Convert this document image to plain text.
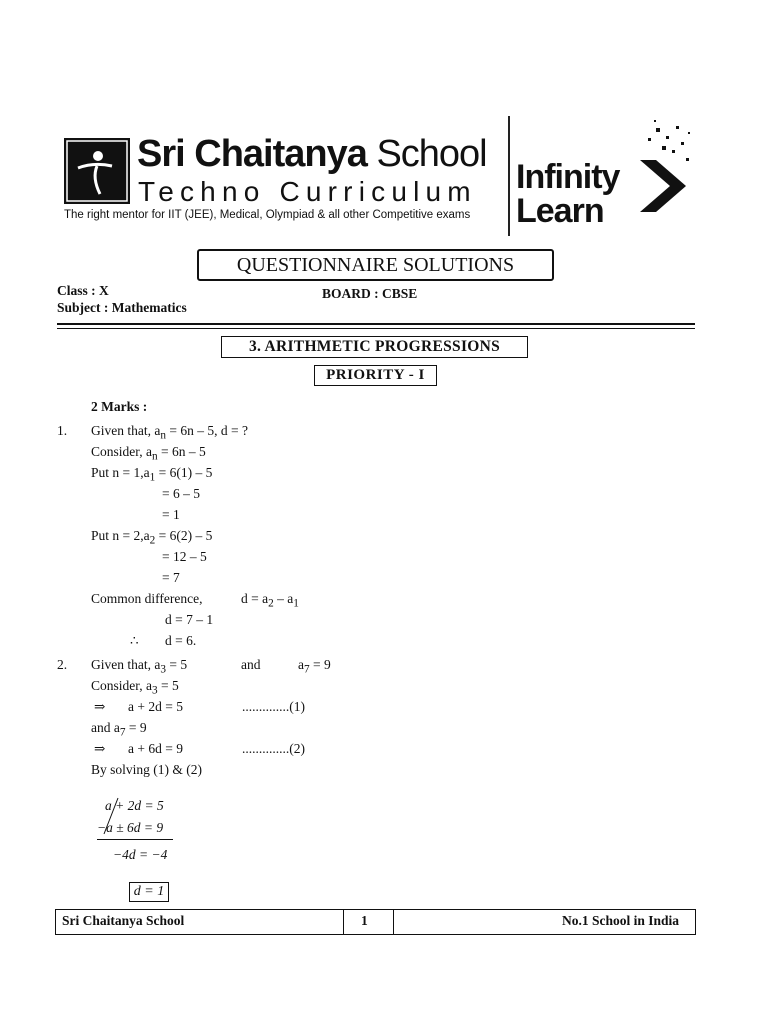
Sri Chaitanya School
Techno Curriculum
The right mentor for IIT (JEE), Medical, Olympiad & all other Competitive exams
Infinity
Learn
QUESTIONNAIRE SOLUTIONS
Class : X
Subject : Mathematics
BOARD : CBSE
3. ARITHMETIC PROGRESSIONS
PRIORITY - I
2 Marks :
1. Given that, $a_n = 6n - 5$, d = ?
Consider, $a_n = 6n - 5$
Put $n = 1,a_1 = 6(1) - 5$
= 6 – 5
= 1
Put $n = 2,a_2 = 6(2) - 5$
= 12 – 5
= 7
Common difference,	$d = a_2 - a_1$
d = 7 – 1
∴ d = 6.
2. Given that, $a_3 = 5$	and	$a_7 = 9$
Consider, $a_3 = 5$
⇒ a + 2d = 5	..............(1)
and $a_7 = 9$
⇒ a + 6d = 9	..............(2)
By solving (1) & (2)
a + 2d = 5
−a ± 6d = 9
−4d = −4
d = 1
Sri Chaitanya School	1	No.1 School in India
